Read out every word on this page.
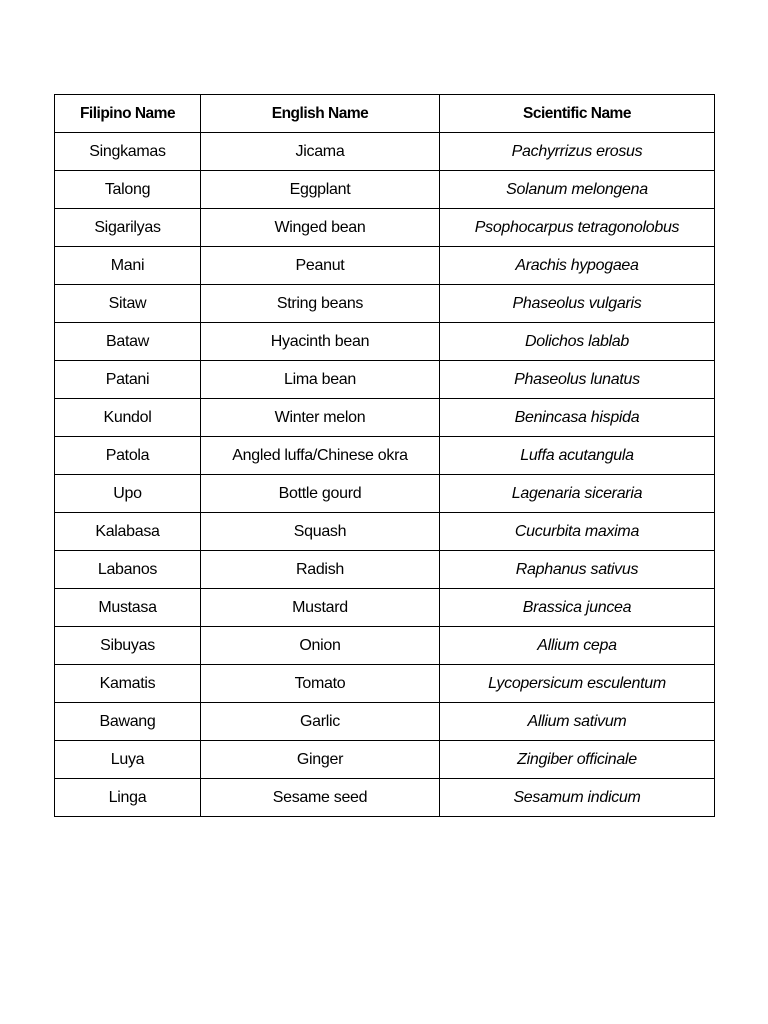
Filipino Name	English Name	Scientific Name
Singkamas	Jicama	Pachyrrizus erosus
Talong	Eggplant	Solanum melongena
Sigarilyas	Winged bean	Psophocarpus tetragonolobus
Mani	Peanut	Arachis hypogaea
Sitaw	String beans	Phaseolus vulgaris
Bataw	Hyacinth bean	Dolichos lablab
Patani	Lima bean	Phaseolus lunatus
Kundol	Winter melon	Benincasa hispida
Patola	Angled luffa/Chinese okra	Luffa acutangula
Upo	Bottle gourd	Lagenaria siceraria
Kalabasa	Squash	Cucurbita maxima
Labanos	Radish	Raphanus sativus
Mustasa	Mustard	Brassica juncea
Sibuyas	Onion	Allium cepa
Kamatis	Tomato	Lycopersicum esculentum
Bawang	Garlic	Allium sativum
Luya	Ginger	Zingiber officinale
Linga	Sesame seed	Sesamum indicum
